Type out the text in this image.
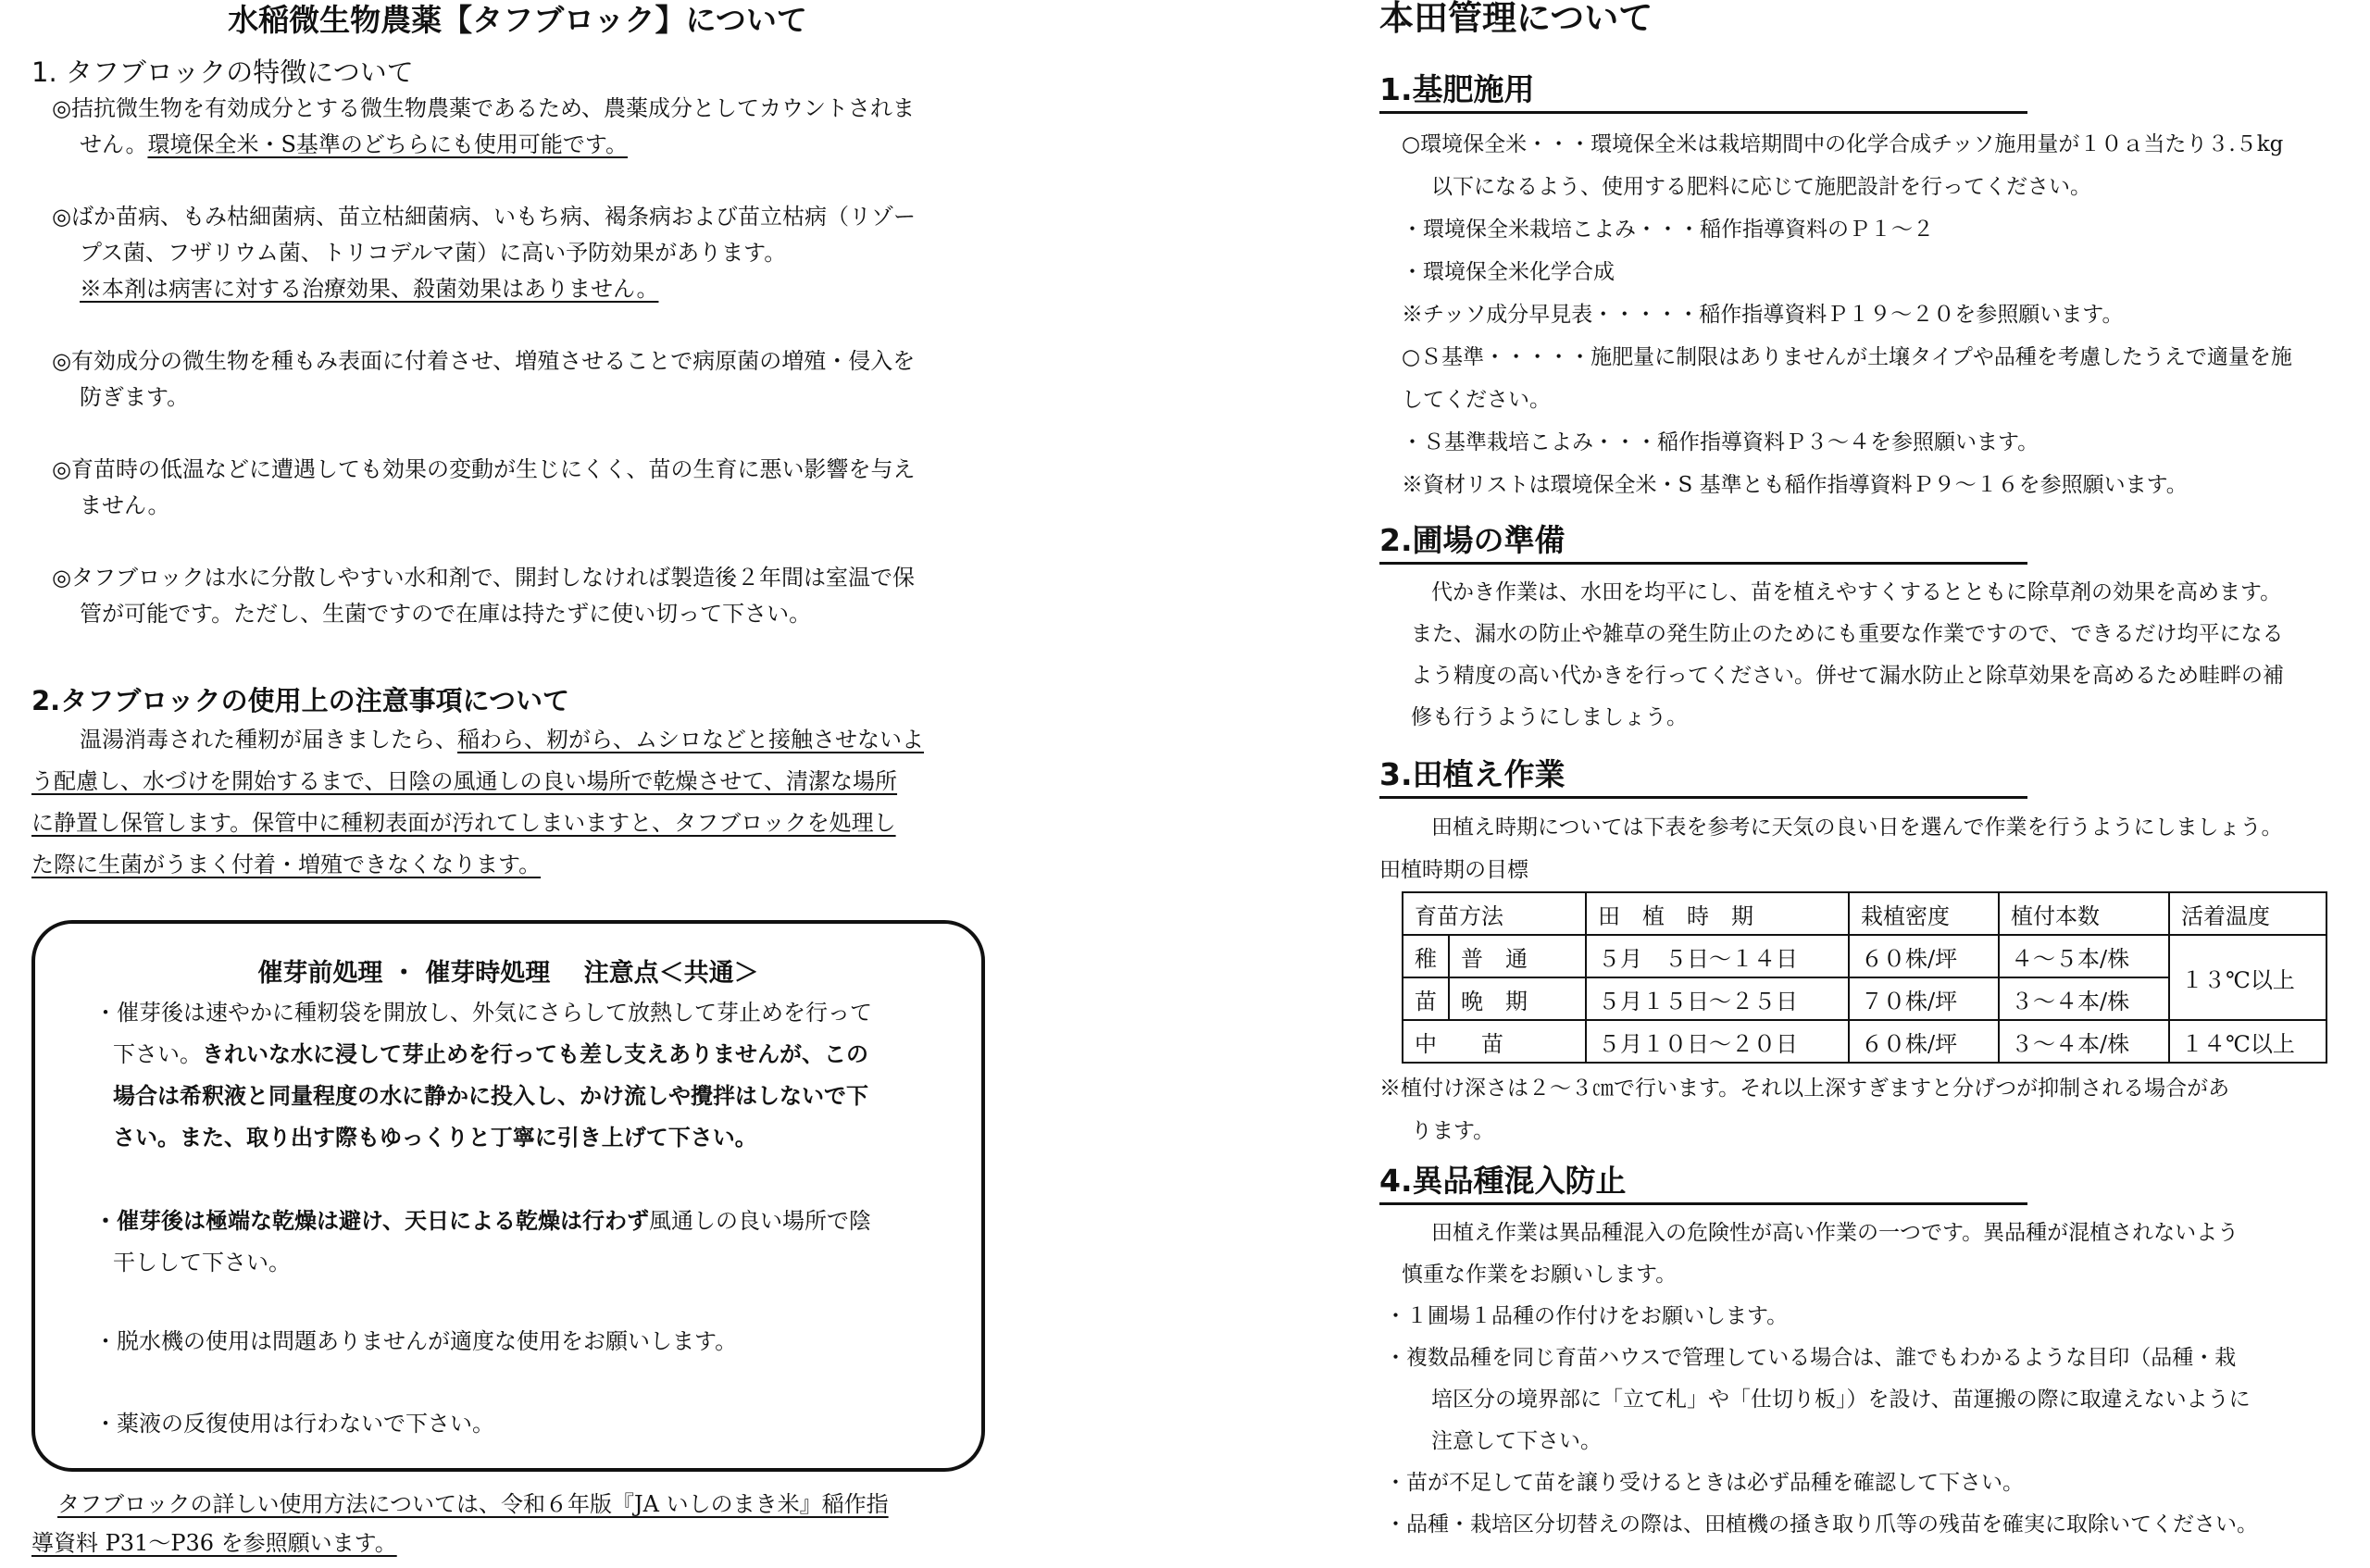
水稲微生物農薬【タフブロック】について
1. タフブロックの特徴について

◎拮抗微生物を有効成分とする微生物農薬であるため、農薬成分としてカウントされま

せん。環境保全米・S基準のどちらにも使用可能です。

◎ばか苗病、もみ枯細菌病、苗立枯細菌病、いもち病、褐条病および苗立枯病（リゾー

プス菌、フザリウム菌、トリコデルマ菌）に高い予防効果があります。

※本剤は病害に対する治療効果、殺菌効果はありません。

◎有効成分の微生物を種もみ表面に付着させ、増殖させることで病原菌の増殖・侵入を

防ぎます。

◎育苗時の低温などに遭遇しても効果の変動が生じにくく、苗の生育に悪い影響を与え

ません。

◎タフブロックは水に分散しやすい水和剤で、開封しなければ製造後２年間は室温で保

管が可能です。ただし、生菌ですので在庫は持たずに使い切って下さい。

2.タフブロックの使用上の注意事項について

温湯消毒された種籾が届きましたら、稲わら、籾がら、ムシロなどと接触させないよ

う配慮し、水づけを開始するまで、日陰の風通しの良い場所で乾燥させて、清潔な場所

に静置し保管します。保管中に種籾表面が汚れてしまいますと、タフブロックを処理し

た際に生菌がうまく付着・増殖できなくなります。

催芽前処理 ・ 催芽時処理　 注意点＜共通＞
・催芽後は速やかに種籾袋を開放し、外気にさらして放熱して芽止めを行って
下さい。きれいな水に浸して芽止めを行っても差し支えありませんが、この
場合は希釈液と同量程度の水に静かに投入し、かけ流しや攪拌はしないで下
さい。また、取り出す際もゆっくりと丁寧に引き上げて下さい。
・催芽後は極端な乾燥は避け、天日による乾燥は行わず風通しの良い場所で陰
干しして下さい。
・脱水機の使用は問題ありませんが適度な使用をお願いします。
・薬液の反復使用は行わないで下さい。

タフブロックの詳しい使用方法については、令和６年版『JA いしのまき米』稲作指

導資料 P31〜P36 を参照願います。

本田管理について
1.基肥施用
○環境保全米・・・環境保全米は栽培期間中の化学合成チッソ施用量が１０ａ当たり３.５kg
以下になるよう、使用する肥料に応じて施肥設計を行ってください。
・環境保全米栽培こよみ・・・稲作指導資料のＰ１〜２
・環境保全米化学合成
※チッソ成分早見表・・・・・稲作指導資料Ｐ１９〜２０を参照願います。
○Ｓ基準・・・・・施肥量に制限はありませんが土壌タイプや品種を考慮したうえで適量を施
してください。
・Ｓ基準栽培こよみ・・・稲作指導資料Ｐ３〜４を参照願います。
※資材リストは環境保全米・S 基準とも稲作指導資料Ｐ９〜１６を参照願います。
2.圃場の準備
代かき作業は、水田を均平にし、苗を植えやすくするとともに除草剤の効果を高めます。
また、漏水の防止や雑草の発生防止のためにも重要な作業ですので、できるだけ均平になる
よう精度の高い代かきを行ってください。併せて漏水防止と除草効果を高めるため畦畔の補
修も行うようにしましょう。
3.田植え作業
田植え時期については下表を参考に天気の良い日を選んで作業を行うようにしましょう。
田植時期の目標
育苗方法		田　植　時　期	栽植密度	植付本数	活着温度
稚	普　通	５月　５日〜１４日	６０株/坪	４〜５本/株	１３℃以上
苗	晩　期	５月１５日〜２５日	７０株/坪	３〜４本/株	
中　　苗		５月１０日〜２０日	６０株/坪	３〜４本/株	１４℃以上
※植付け深さは２〜３㎝で行います。それ以上深すぎますと分げつが抑制される場合があ
ります。
4.異品種混入防止
田植え作業は異品種混入の危険性が高い作業の一つです。異品種が混植されないよう
慎重な作業をお願いします。
・１圃場１品種の作付けをお願いします。
・複数品種を同じ育苗ハウスで管理している場合は、誰でもわかるような目印（品種・栽
培区分の境界部に「立て札」や「仕切り板」）を設け、苗運搬の際に取違えないように
注意して下さい。
・苗が不足して苗を譲り受けるときは必ず品種を確認して下さい。
・品種・栽培区分切替えの際は、田植機の掻き取り爪等の残苗を確実に取除いてください。
